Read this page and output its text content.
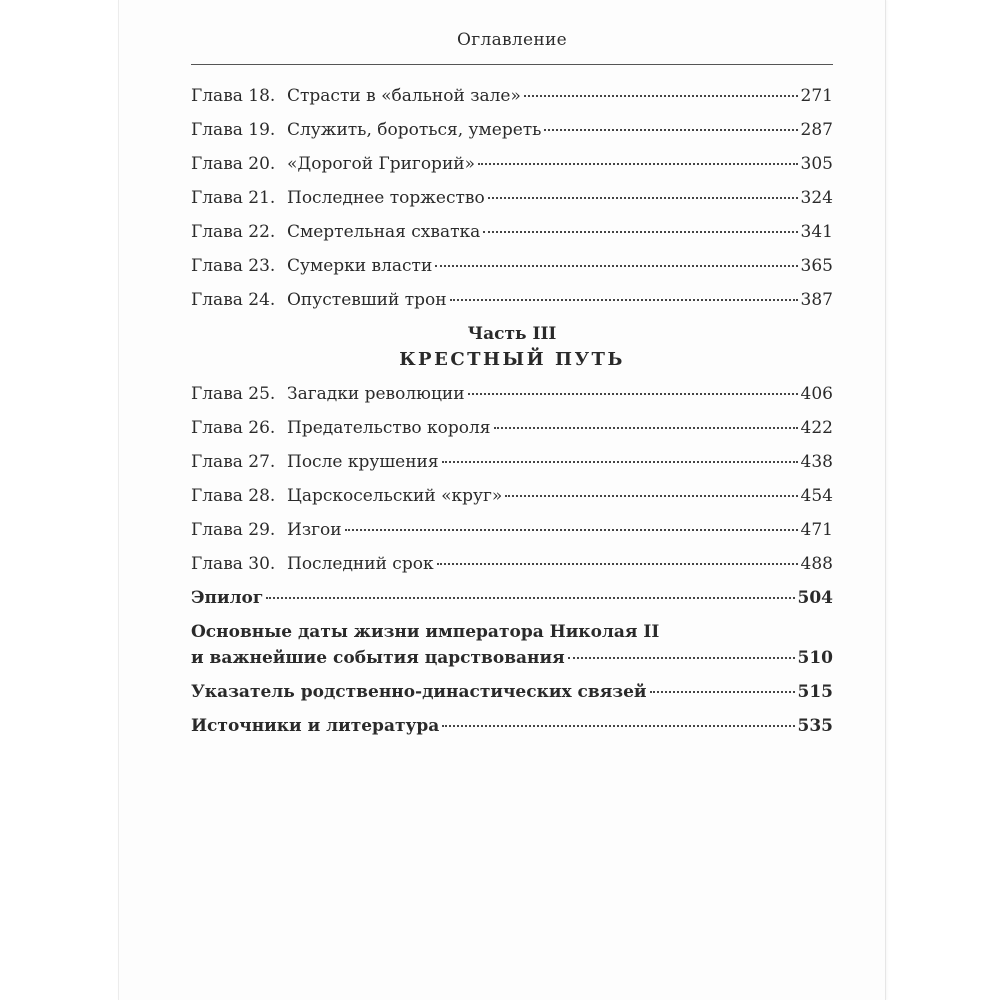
Оглавление
Глава 18. Страсти в «бальной зале»	271
Глава 19. Служить, бороться, умереть	287
Глава 20. «Дорогой Григорий»	305
Глава 21. Последнее торжество	324
Глава 22. Смертельная схватка	341
Глава 23. Сумерки власти	365
Глава 24. Опустевший трон	387
Часть III
КРЕСТНЫЙ ПУТЬ
Глава 25. Загадки революции	406
Глава 26. Предательство короля	422
Глава 27. После крушения	438
Глава 28. Царскосельский «круг»	454
Глава 29. Изгои	471
Глава 30. Последний срок	488
Эпилог	504
Основные даты жизни императора Николая II
и важнейшие события царствования	510
Указатель родственно-династических связей	515
Источники и литература	535
